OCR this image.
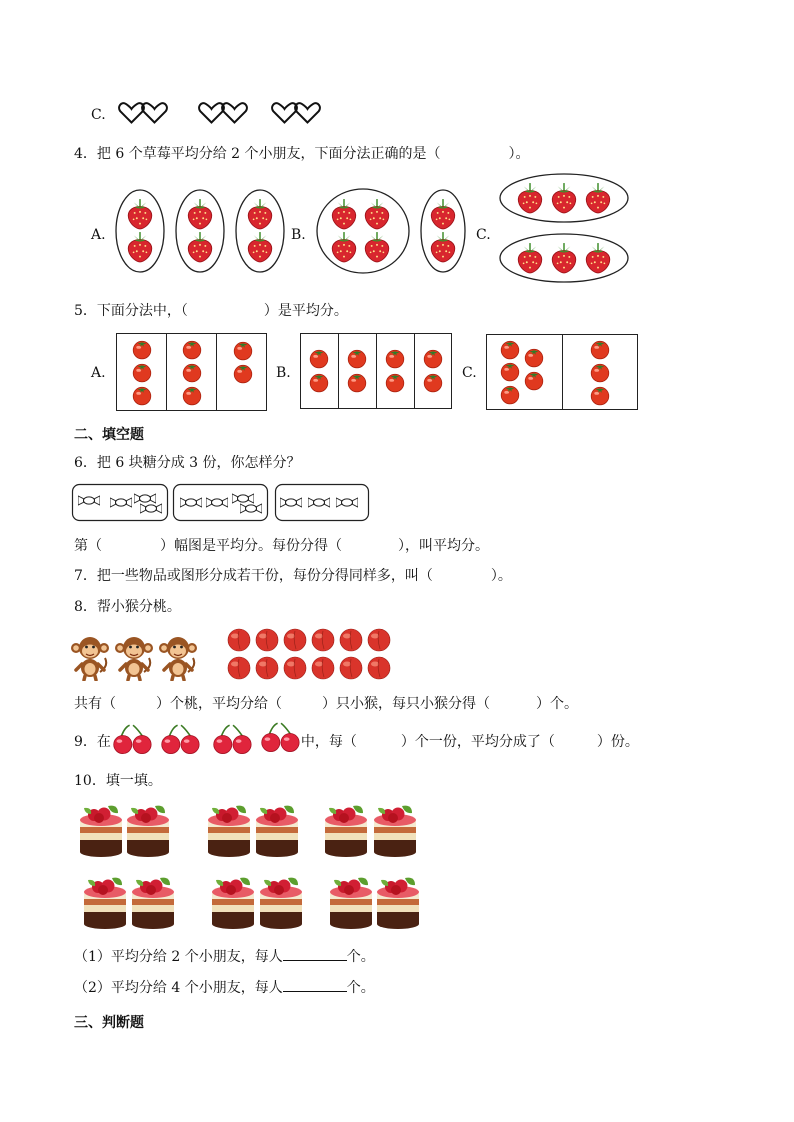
C.
4．把 6 个草莓平均分给 2 个小朋友，下面分法正确的是（	）。
A.	B.	C.
5．下面分法中，（	）是平均分。
A.	B.	C.
二、填空题
6．把 6 块糖分成 3 份，你怎样分？
第（	）幅图是平均分。每份分得（	），叫平均分。
7．把一些物品或图形分成若干份，每份分得同样多，叫（	）。
8．帮小猴分桃。
共有（	）个桃，平均分给（	）只小猴，每只小猴分得（	）个。
9．在	中，每（	）个一份，平均分成了（	）份。
10．填一填。
（1）平均分给 2 个小朋友，每人	个。
（2）平均分给 4 个小朋友，每人	个。
三、判断题
